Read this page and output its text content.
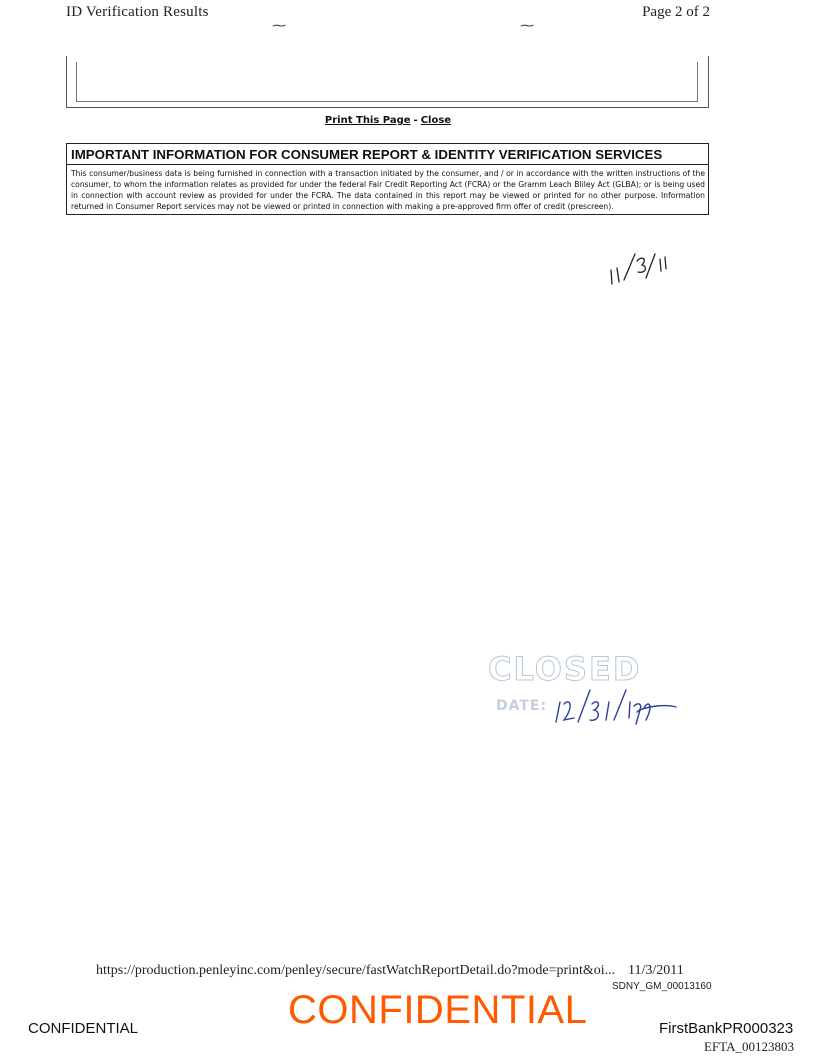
ID Verification Results
⁓	⁓
Page 2 of 2
Print This Page - Close
IMPORTANT INFORMATION FOR CONSUMER REPORT & IDENTITY VERIFICATION SERVICES
This consumer/business data is being furnished in connection with a transaction initiated by the consumer, and / or in accordance with the written instructions of the consumer, to whom the information relates as provided for under the federal Fair Credit Reporting Act (FCRA) or the Gramm Leach Bliley Act (GLBA); or is being used in connection with account review as provided for under the FCRA. The data contained in this report may be viewed or printed for no other purpose. Information returned in Consumer Report services may not be viewed or printed in connection with making a pre-approved firm offer of credit (prescreen).
CLOSED
DATE:
https://production.penleyinc.com/penley/secure/fastWatchReportDetail.do?mode=print&oi... 11/3/2011
SDNY_GM_00013160
CONFIDENTIAL	CONFIDENTIAL	FirstBankPR000323
EFTA_00123803
